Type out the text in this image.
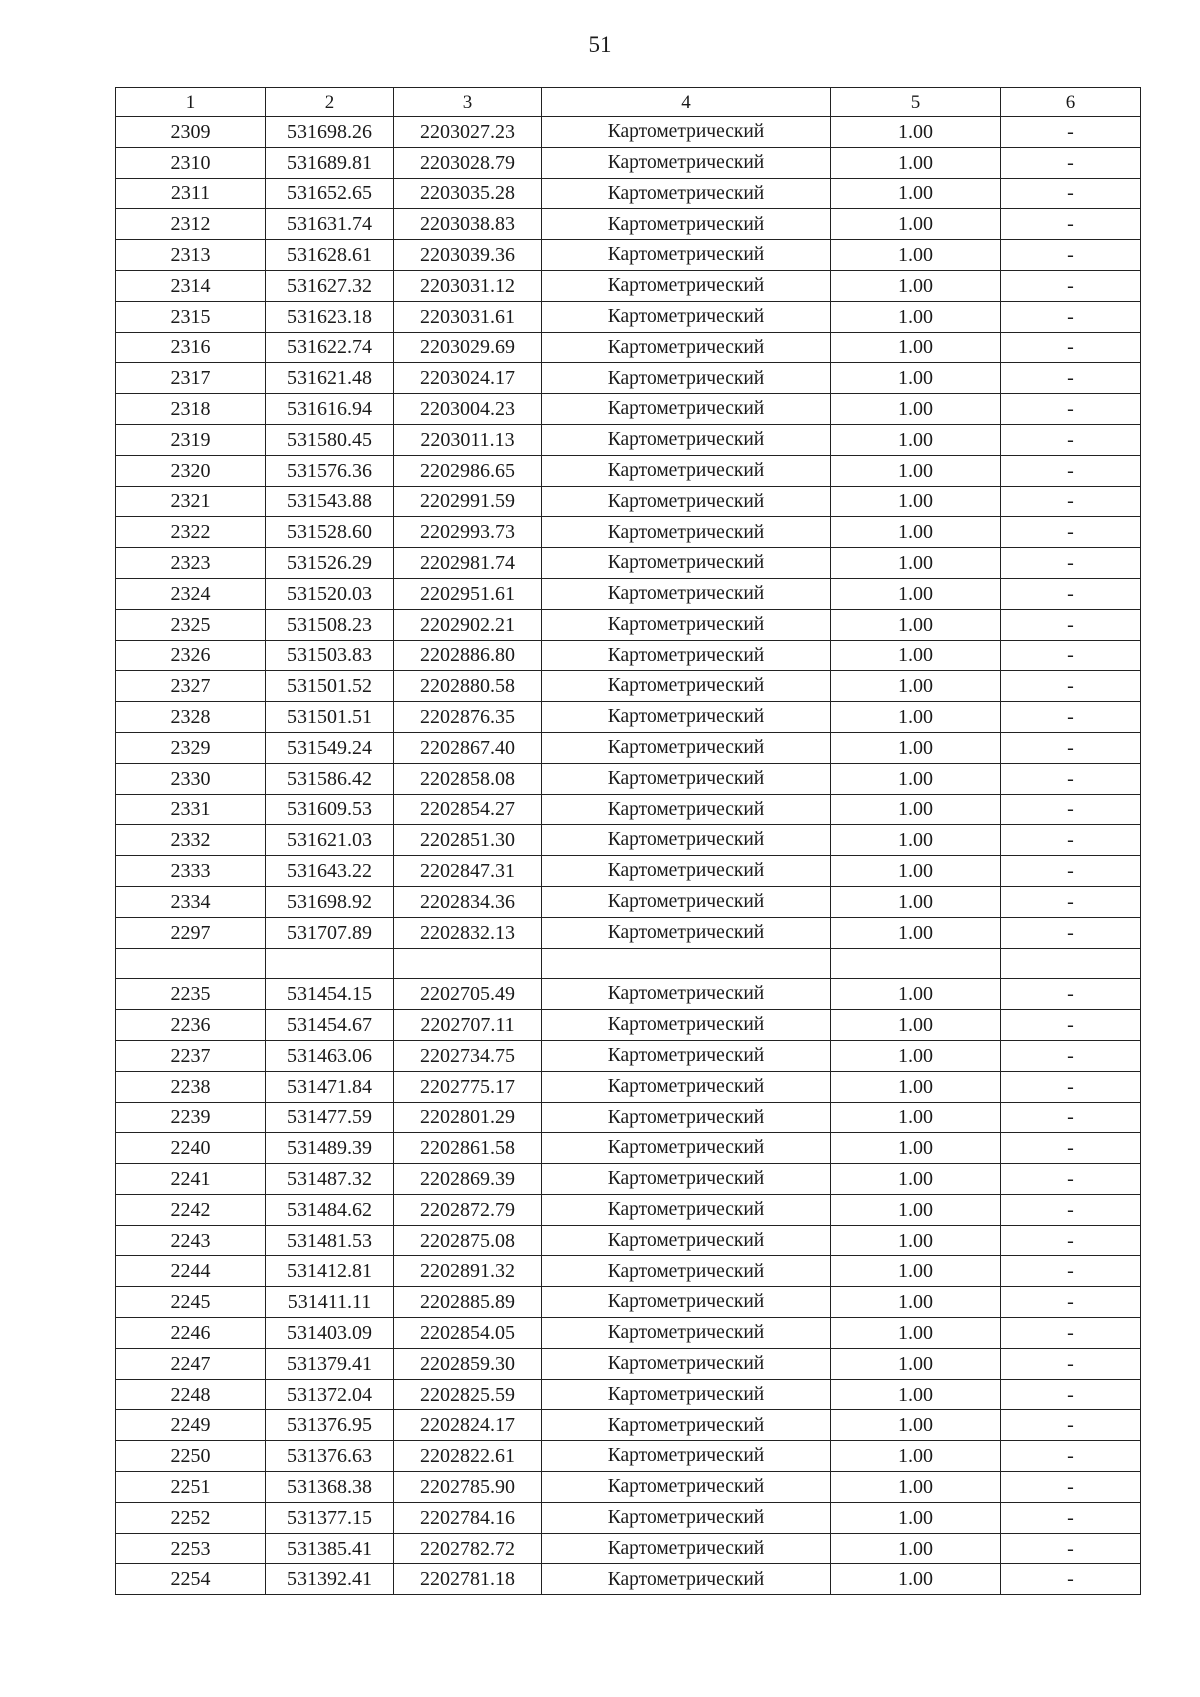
51
1	2	3	4	5	6
2309	531698.26	2203027.23	Картометрический	1.00	-
2310	531689.81	2203028.79	Картометрический	1.00	-
2311	531652.65	2203035.28	Картометрический	1.00	-
2312	531631.74	2203038.83	Картометрический	1.00	-
2313	531628.61	2203039.36	Картометрический	1.00	-
2314	531627.32	2203031.12	Картометрический	1.00	-
2315	531623.18	2203031.61	Картометрический	1.00	-
2316	531622.74	2203029.69	Картометрический	1.00	-
2317	531621.48	2203024.17	Картометрический	1.00	-
2318	531616.94	2203004.23	Картометрический	1.00	-
2319	531580.45	2203011.13	Картометрический	1.00	-
2320	531576.36	2202986.65	Картометрический	1.00	-
2321	531543.88	2202991.59	Картометрический	1.00	-
2322	531528.60	2202993.73	Картометрический	1.00	-
2323	531526.29	2202981.74	Картометрический	1.00	-
2324	531520.03	2202951.61	Картометрический	1.00	-
2325	531508.23	2202902.21	Картометрический	1.00	-
2326	531503.83	2202886.80	Картометрический	1.00	-
2327	531501.52	2202880.58	Картометрический	1.00	-
2328	531501.51	2202876.35	Картометрический	1.00	-
2329	531549.24	2202867.40	Картометрический	1.00	-
2330	531586.42	2202858.08	Картометрический	1.00	-
2331	531609.53	2202854.27	Картометрический	1.00	-
2332	531621.03	2202851.30	Картометрический	1.00	-
2333	531643.22	2202847.31	Картометрический	1.00	-
2334	531698.92	2202834.36	Картометрический	1.00	-
2297	531707.89	2202832.13	Картометрический	1.00	-

2235	531454.15	2202705.49	Картометрический	1.00	-
2236	531454.67	2202707.11	Картометрический	1.00	-
2237	531463.06	2202734.75	Картометрический	1.00	-
2238	531471.84	2202775.17	Картометрический	1.00	-
2239	531477.59	2202801.29	Картометрический	1.00	-
2240	531489.39	2202861.58	Картометрический	1.00	-
2241	531487.32	2202869.39	Картометрический	1.00	-
2242	531484.62	2202872.79	Картометрический	1.00	-
2243	531481.53	2202875.08	Картометрический	1.00	-
2244	531412.81	2202891.32	Картометрический	1.00	-
2245	531411.11	2202885.89	Картометрический	1.00	-
2246	531403.09	2202854.05	Картометрический	1.00	-
2247	531379.41	2202859.30	Картометрический	1.00	-
2248	531372.04	2202825.59	Картометрический	1.00	-
2249	531376.95	2202824.17	Картометрический	1.00	-
2250	531376.63	2202822.61	Картометрический	1.00	-
2251	531368.38	2202785.90	Картометрический	1.00	-
2252	531377.15	2202784.16	Картометрический	1.00	-
2253	531385.41	2202782.72	Картометрический	1.00	-
2254	531392.41	2202781.18	Картометрический	1.00	-
